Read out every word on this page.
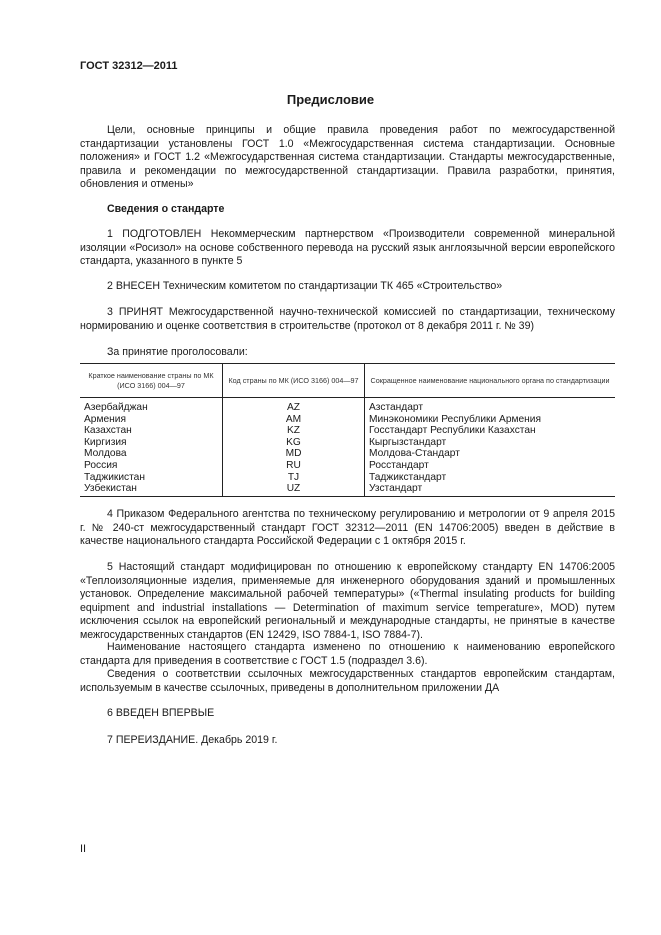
ГОСТ 32312—2011
Предисловие
Цели, основные принципы и общие правила проведения работ по межгосударственной стандартизации установлены ГОСТ 1.0 «Межгосударственная система стандартизации. Основные положения» и ГОСТ 1.2 «Межгосударственная система стандартизации. Стандарты межгосударственные, правила и рекомендации по межгосударственной стандартизации. Правила разработки, принятия, обновления и отмены»
Сведения о стандарте
1 ПОДГОТОВЛЕН Некоммерческим партнерством «Производители современной минеральной изоляции «Росизол» на основе собственного перевода на русский язык англоязычной версии европейского стандарта, указанного в пункте 5
2 ВНЕСЕН Техническим комитетом по стандартизации ТК 465 «Строительство»
3 ПРИНЯТ Межгосударственной научно-технической комиссией по стандартизации, техническому нормированию и оценке соответствия в строительстве (протокол от 8 декабря 2011 г. № 39)
За принятие проголосовали:
Краткое наименование страны по МК (ИСО 3166) 004—97	Код страны по МК (ИСО 3166) 004—97	Сокращенное наименование национального органа по стандартизации
Азербайджан	AZ	Азстандарт
Армения	AM	Минэкономики Республики Армения
Казахстан	KZ	Госстандарт Республики Казахстан
Киргизия	KG	Кыргызстандарт
Молдова	MD	Молдова-Стандарт
Россия	RU	Росстандарт
Таджикистан	TJ	Таджикстандарт
Узбекистан	UZ	Узстандарт
4 Приказом Федерального агентства по техническому регулированию и метрологии от 9 апреля 2015 г. № 240-ст межгосударственный стандарт ГОСТ 32312—2011 (EN 14706:2005) введен в действие в качестве национального стандарта Российской Федерации с 1 октября 2015 г.
5 Настоящий стандарт модифицирован по отношению к европейскому стандарту EN 14706:2005 «Теплоизоляционные изделия, применяемые для инженерного оборудования зданий и промышленных установок. Определение максимальной рабочей температуры» («Thermal insulating products for building equipment and industrial installations — Determination of maximum service temperature», MOD) путем исключения ссылок на европейский региональный и международные стандарты, не принятые в качестве межгосударственных стандартов (EN 12429, ISO 7884-1, ISO 7884-7).
Наименование настоящего стандарта изменено по отношению к наименованию европейского стандарта для приведения в соответствие с ГОСТ 1.5 (подраздел 3.6).
Сведения о соответствии ссылочных межгосударственных стандартов европейским стандартам, используемым в качестве ссылочных, приведены в дополнительном приложении ДА
6 ВВЕДЕН ВПЕРВЫЕ
7 ПЕРЕИЗДАНИЕ. Декабрь 2019 г.
II
